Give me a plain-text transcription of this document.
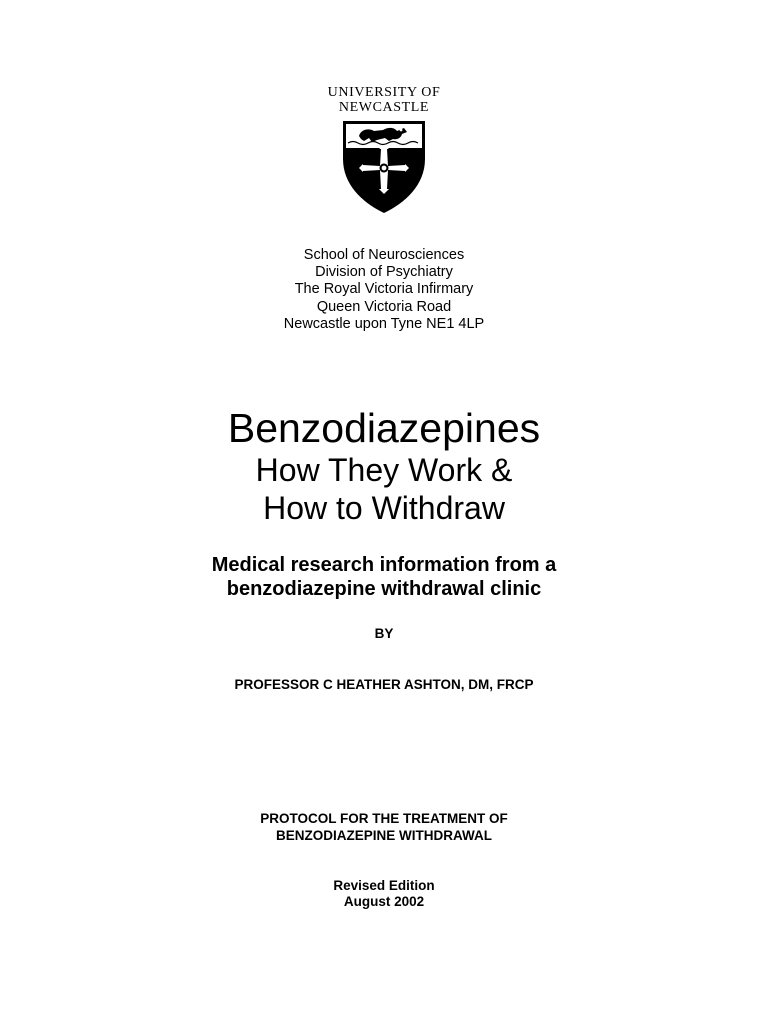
UNIVERSITY OF
NEWCASTLE
School of Neurosciences
Division of Psychiatry
The Royal Victoria Infirmary
Queen Victoria Road
Newcastle upon Tyne NE1 4LP
Benzodiazepines
How They Work &
How to Withdraw
Medical research information from a
benzodiazepine withdrawal clinic
BY
PROFESSOR C HEATHER ASHTON, DM, FRCP
PROTOCOL FOR THE TREATMENT OF
BENZODIAZEPINE WITHDRAWAL
Revised Edition
August 2002
